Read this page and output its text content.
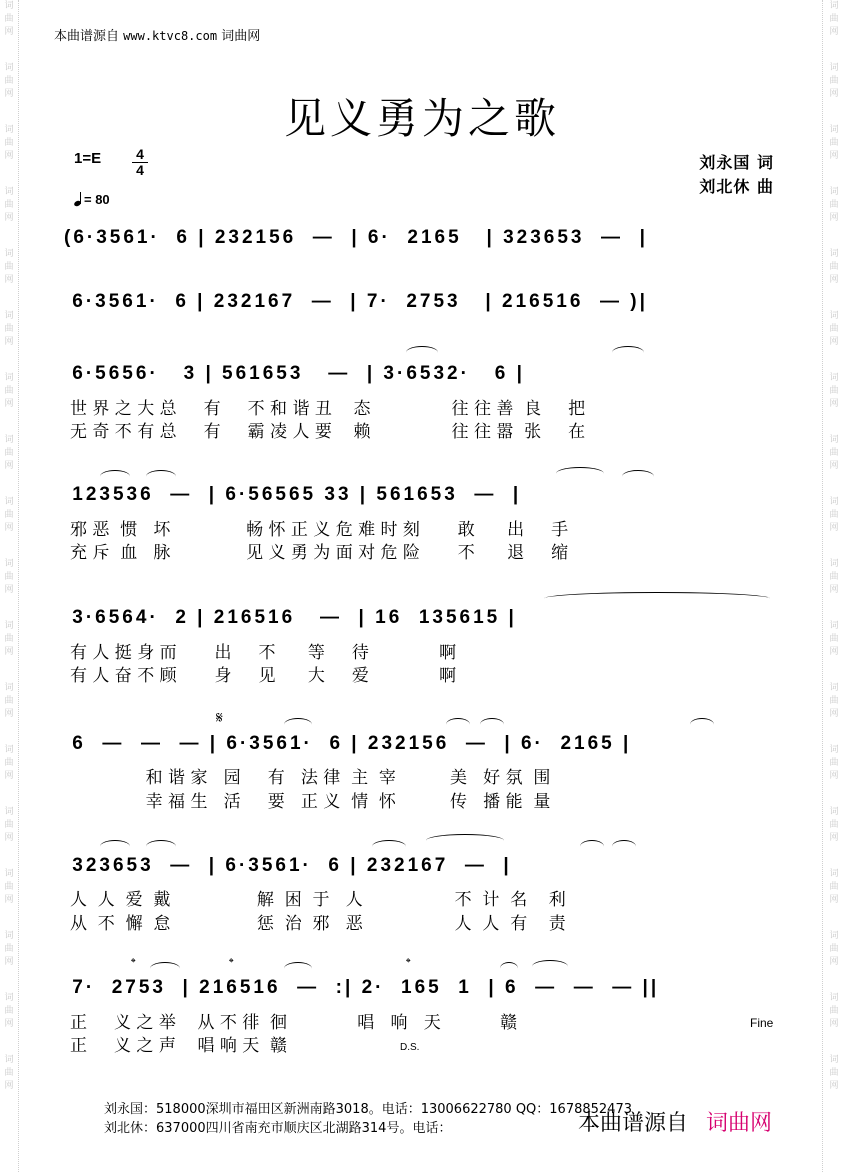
词
曲
网
词
曲
网
词
曲
网
词
曲
网
词
曲
网
词
曲
网
词
曲
网
词
曲
网
词
曲
网
词
曲
网
词
曲
网
词
曲
网
词
曲
网
词
曲
网
词
曲
网
词
曲
网
词
曲
网
词
曲
网
词
曲
网
词
曲
网
词
曲
网
词
曲
网
词
曲
网
词
曲
网
词
曲
网
词
曲
网
词
曲
网
词
曲
网
词
曲
网
词
曲
网
词
曲
网
词
曲
网
词
曲
网
词
曲
网
词
曲
网
词
曲
网
本曲谱源自 www.ktvc8.com 词曲网
见义勇为之歌
1=E 4
4
= 80
刘永国 词
刘北休 曲
(6·3561·  6 | 232156  —  | 6·  2165   | 323653  —  |
6·3561·  6 | 232167  —  | 7·  2753   | 216516  — )|
6·5656·   3 | 561653   —  | 3·6532·   6 |
世 界 之 大 总     有     不 和 谐 丑    态               往 往 善  良     把
无 奇 不 有 总     有     霸 凌 人 要    赖               往 往 嚣  张     在
123536  —  | 6·56565 33 | 561653  —  |
邪 恶  惯   坏              畅 怀 正 义 危 难 时 刻       敢      出     手
充 斥  血   脉              见 义 勇 为 面 对 危 险       不      退     缩
3·6564·  2 | 216516   —  | 16  135615 |
有 人 挺 身 而       出     不      等     待             啊
有 人 奋 不 顾       身     见      大     爱             啊
𝄋
6  —  —  — | 6·3561·  6 | 232156  —  | 6·  2165 |
和 谐 家   园     有   法 律  主  宰          美   好 氛  围
幸 福 生   活     要   正 义  情  怀          传   播 能  量
323653  —  | 6·3561·  6 | 232167  —  |
人  人  爱  戴                解  困  于   人                 不  计  名    利
从  不  懈  怠                惩  治  邪   恶                 人  人  有    责
𝄌	𝄌	𝄌
7·  2753  | 216516  —  :| 2·  165  1  | 6  —  —  — ||
Fine
正     义 之 举    从 不 徘  徊             唱   响   天           赣
正     义 之 声    唱 响 天  赣	D.S.
刘永国：518000深圳市福田区新洲南路3018。电话：13006622780 QQ：1678852473
刘北休：637000四川省南充市顺庆区北湖路314号。电话：	本曲谱源自 词曲网
